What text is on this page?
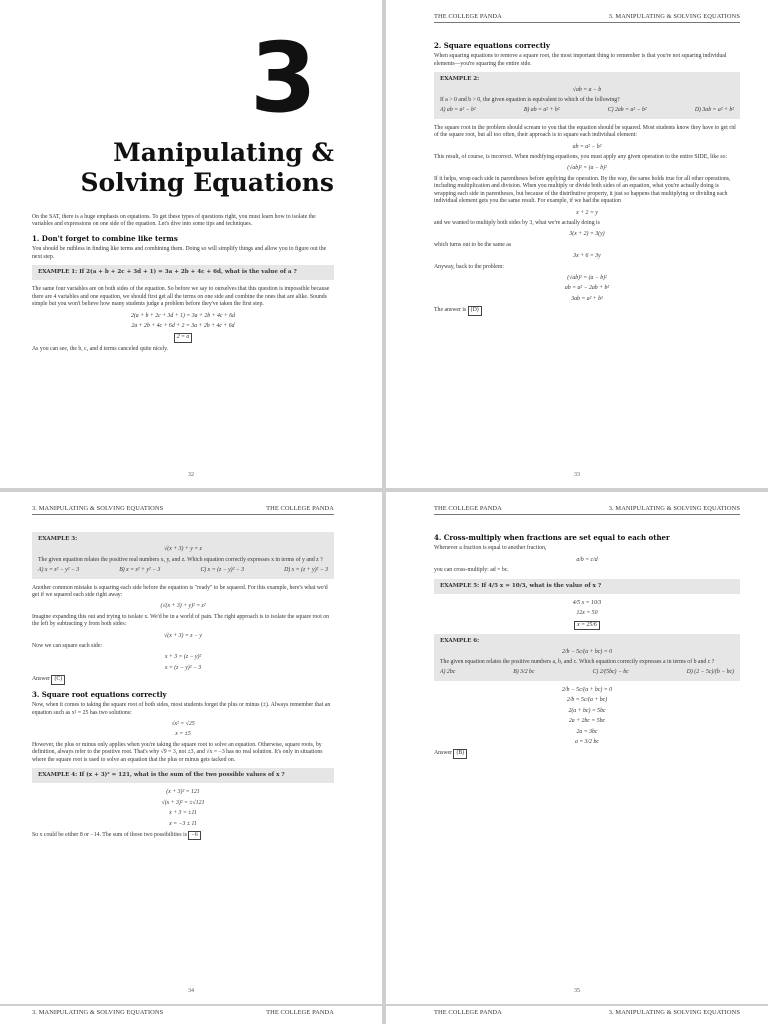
3
Manipulating &
Solving Equations

On the SAT, there is a huge emphasis on equations. To get these types of questions right, you must learn how to isolate the variables and expressions on one side of the equation. Let's dive into some tips and techniques.

1. Don't forget to combine like terms

You should be ruthless in finding like terms and combining them. Doing so will simplify things and allow you to figure out the next step.

EXAMPLE 1: If 2(a + b + 2c + 3d + 1) = 3a + 2b + 4c + 6d, what is the value of a ?

The same four variables are on both sides of the equation. So before we say to ourselves that this question is impossible because there are 4 variables and one equation, we should first get all the terms on one side and combine the ones that are alike. Sounds simple but you won't believe how many students judge a problem before they've taken the first step.

2(a + b + 2c + 3d + 1) = 3a + 2b + 4c + 6d
2a + 2b + 4c + 6d + 2 = 3a + 2b + 4c + 6d
2 = a

As you can see, the b, c, and d terms canceled quite nicely.

32
THE COLLEGE PANDA	3. MANIPULATING & SOLVING EQUATIONS
2. Square equations correctly

When squaring equations to remove a square root, the most important thing to remember is that you're not squaring individual elements—you're squaring the entire side.

EXAMPLE 2:
√ab = a − b
If a > 0 and b > 0, the given equation is equivalent to which of the following?
A) ab = a² − b²	B) ab = a² + b²	C) 2ab = a² − b²	D) 3ab = a² + b²

The square root in the problem should scream to you that the equation should be squared. Most students know they have to get rid of the square root, but all too often, their approach is to square each individual element:

ab = a² − b²

This result, of course, is incorrect. When modifying equations, you must apply any given operation to the entire SIDE, like so:

(√ab)² = (a − b)²

If it helps, wrap each side in parentheses before applying the operation. By the way, the same holds true for all other operations, including multiplication and division. When you multiply or divide both sides of an equation, what you're actually doing is wrapping each side in parentheses, but because of the distributive property, it just so happens that multiplying or dividing each individual element gets you the same result. For example, if we had the equation

x + 2 = y

and we wanted to multiply both sides by 3, what we're actually doing is

3(x + 2) = 3(y)

which turns out to be the same as

3x + 6 = 3y

Anyway, back to the problem:

(√ab)² = (a − b)²
ab = a² − 2ab + b²
3ab = a² + b²

The answer is (D)

33
3. MANIPULATING & SOLVING EQUATIONS	THE COLLEGE PANDA
EXAMPLE 3:
√(x + 3) + y = z
The given equation relates the positive real numbers x, y, and z. Which equation correctly expresses x in terms of y and z ?
A) x = z² − y² − 3	B) x = z² + y² − 3	C) x = (z − y)² − 3	D) x = (z + y)² − 3

Another common mistake is squaring each side before the equation is "ready" to be squared. For this example, here's what we'd get if we squared each side right away:

(√(x + 3) + y)² = z²

Imagine expanding this out and trying to isolate x. We'd be in a world of pain. The right approach is to isolate the square root on the left by subtracting y from both sides:

√(x + 3) = z − y

Now we can square each side:

x + 3 = (z − y)²
x = (z − y)² − 3

Answer (C)

3. Square root equations correctly

Now, when it comes to taking the square root of both sides, most students forget the plus or minus (±). Always remember that an equation such as x² = 25 has two solutions:

√x² = √25
x = ±5

However, the plus or minus only applies when you're taking the square root to solve an equation. Otherwise, square roots, by definition, always refer to the positive root. That's why √9 = 3, not ±3, and √x = −3 has no real solution. It's only in situations where the square root is used to solve an equation that the plus or minus gets tacked on.

EXAMPLE 4: If (x + 3)² = 121, what is the sum of the two possible values of x ?
(x + 3)² = 121
√(x + 3)² = ±√121
x + 3 = ±11
x = −3 ± 11

So x could be either 8 or −14. The sum of those two possibilities is −6

34
THE COLLEGE PANDA	3. MANIPULATING & SOLVING EQUATIONS
4. Cross-multiply when fractions are set equal to each other

Whenever a fraction is equal to another fraction,

a/b = c/d

you can cross-multiply: ad = bc.

EXAMPLE 5: If 4/5 x = 10/3, what is the value of x ?
4/5 x = 10/3
12x = 50
x = 25/6
EXAMPLE 6:
2/b − 5c/(a + bc) = 0
The given equation relates the positive numbers a, b, and c. Which equation correctly expresses a in terms of b and c ?
A) 2bc	B) 3/2 bc	C) 2/(5bc) − bc	D) (2 − 5c)/(b − bc)
2/b − 5c/(a + bc) = 0
2/b = 5c/(a + bc)
2(a + bc) = 5bc
2a + 2bc = 5bc
2a = 3bc
a = 3/2 bc

Answer (B)

35
3. MANIPULATING & SOLVING EQUATIONS	THE COLLEGE PANDA	THE COLLEGE PANDA	3. MANIPULATING & SOLVING EQUATIONS
